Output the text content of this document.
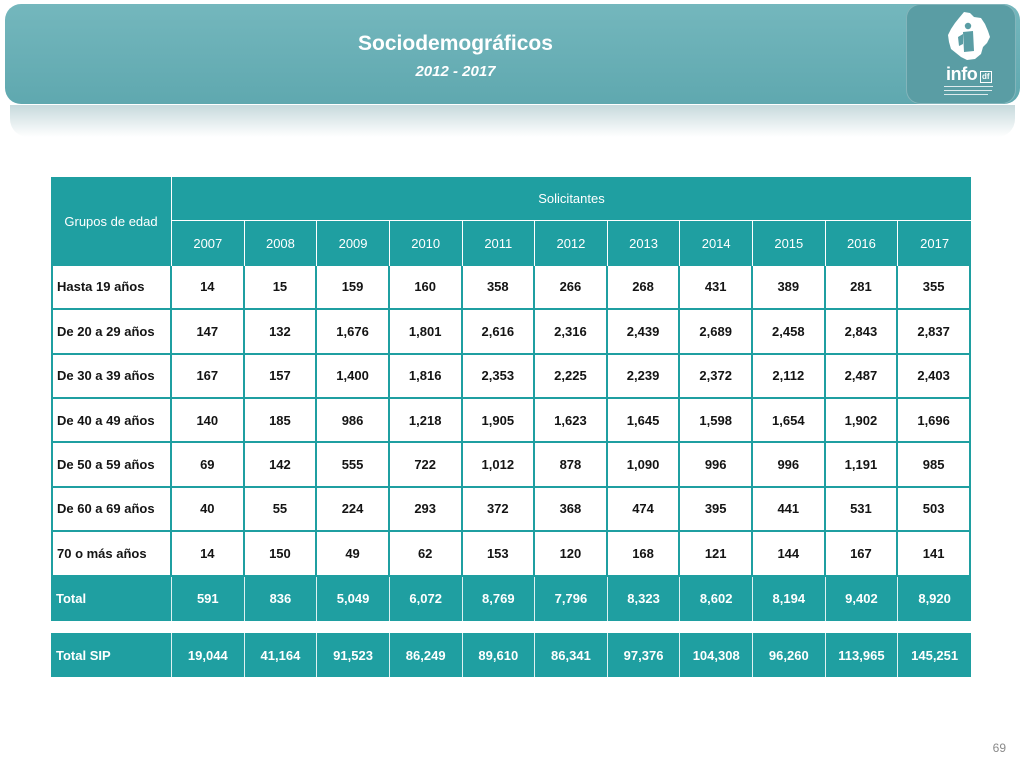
Sociodemográficos
2012 - 2017	info df
Grupos de edad	Solicitantes										
	2007	2008	2009	2010	2011	2012	2013	2014	2015	2016	2017
Hasta 19 años	14	15	159	160	358	266	268	431	389	281	355
De 20 a 29 años	147	132	1,676	1,801	2,616	2,316	2,439	2,689	2,458	2,843	2,837
De 30 a 39 años	167	157	1,400	1,816	2,353	2,225	2,239	2,372	2,112	2,487	2,403
De 40 a 49 años	140	185	986	1,218	1,905	1,623	1,645	1,598	1,654	1,902	1,696
De 50 a 59 años	69	142	555	722	1,012	878	1,090	996	996	1,191	985
De 60 a 69 años	40	55	224	293	372	368	474	395	441	531	503
70 o más años	14	150	49	62	153	120	168	121	144	167	141
Total	591	836	5,049	6,072	8,769	7,796	8,323	8,602	8,194	9,402	8,920
Total SIP	19,044	41,164	91,523	86,249	89,610	86,341	97,376	104,308	96,260	113,965	145,251
69
